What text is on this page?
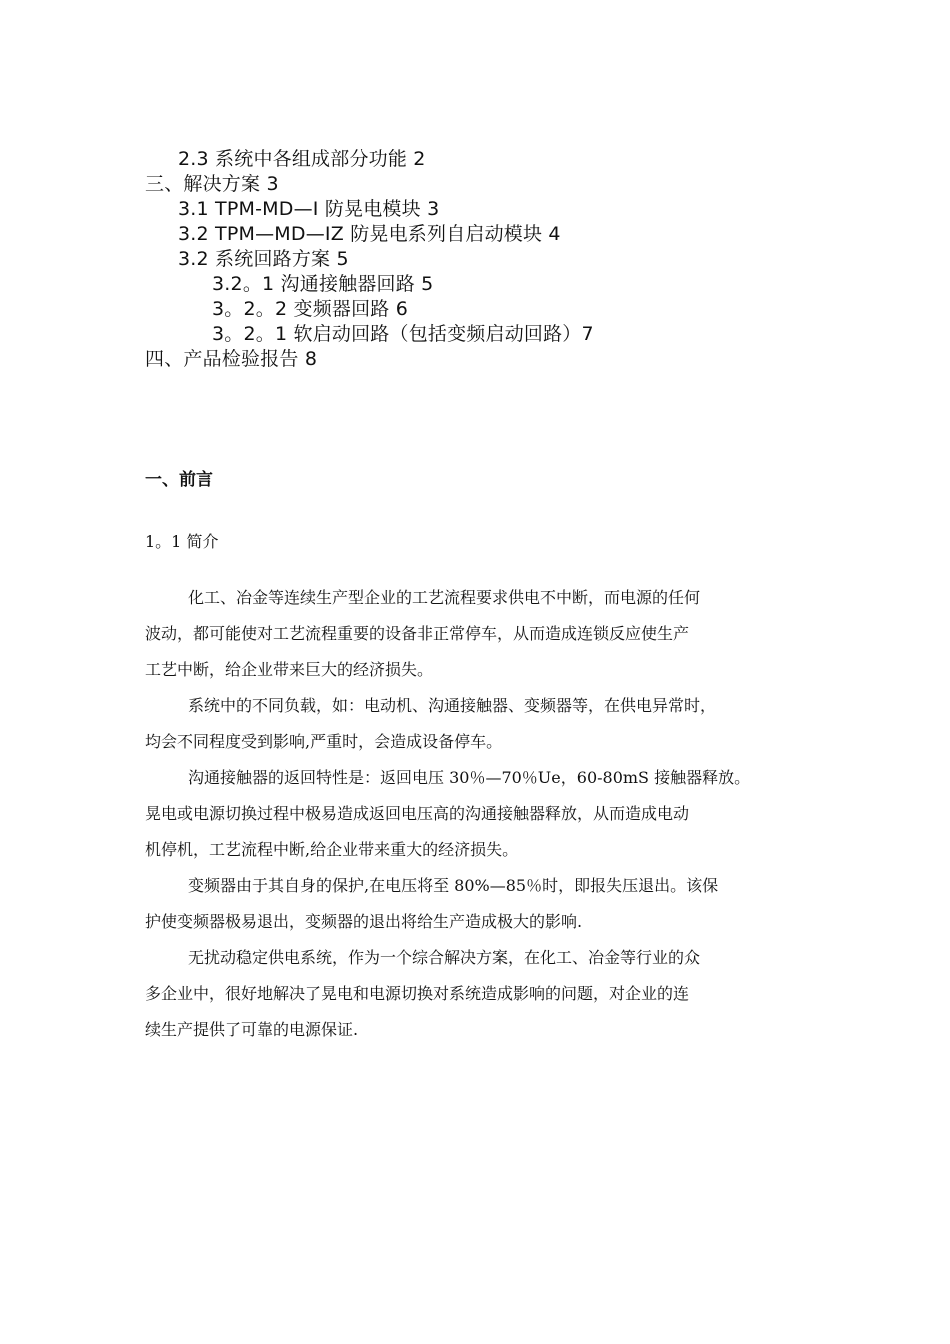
2.3 系统中各组成部分功能 2
三、解决方案 3
3.1 TPM-MD—I 防晃电模块 3
3.2 TPM—MD—IZ 防晃电系列自启动模块 4
3.2 系统回路方案 5
3.2。1 沟通接触器回路 5
3。2。2 变频器回路 6
3。2。1 软启动回路（包括变频启动回路）7
四、产品检验报告 8
一、前言
1。1 简介
化工、冶金等连续生产型企业的工艺流程要求供电不中断，而电源的任何
波动，都可能使对工艺流程重要的设备非正常停车，从而造成连锁反应使生产
工艺中断，给企业带来巨大的经济损失。
系统中的不同负载，如：电动机、沟通接触器、变频器等，在供电异常时，
均会不同程度受到影响,严重时，会造成设备停车。
沟通接触器的返回特性是：返回电压 30％—70％Ue，60-80mS 接触器释放。
晃电或电源切换过程中极易造成返回电压高的沟通接触器释放，从而造成电动
机停机，工艺流程中断,给企业带来重大的经济损失。
变频器由于其自身的保护,在电压将至 80%—85％时，即报失压退出。该保
护使变频器极易退出，变频器的退出将给生产造成极大的影响.
无扰动稳定供电系统，作为一个综合解决方案，在化工、冶金等行业的众
多企业中，很好地解决了晃电和电源切换对系统造成影响的问题，对企业的连
续生产提供了可靠的电源保证.
